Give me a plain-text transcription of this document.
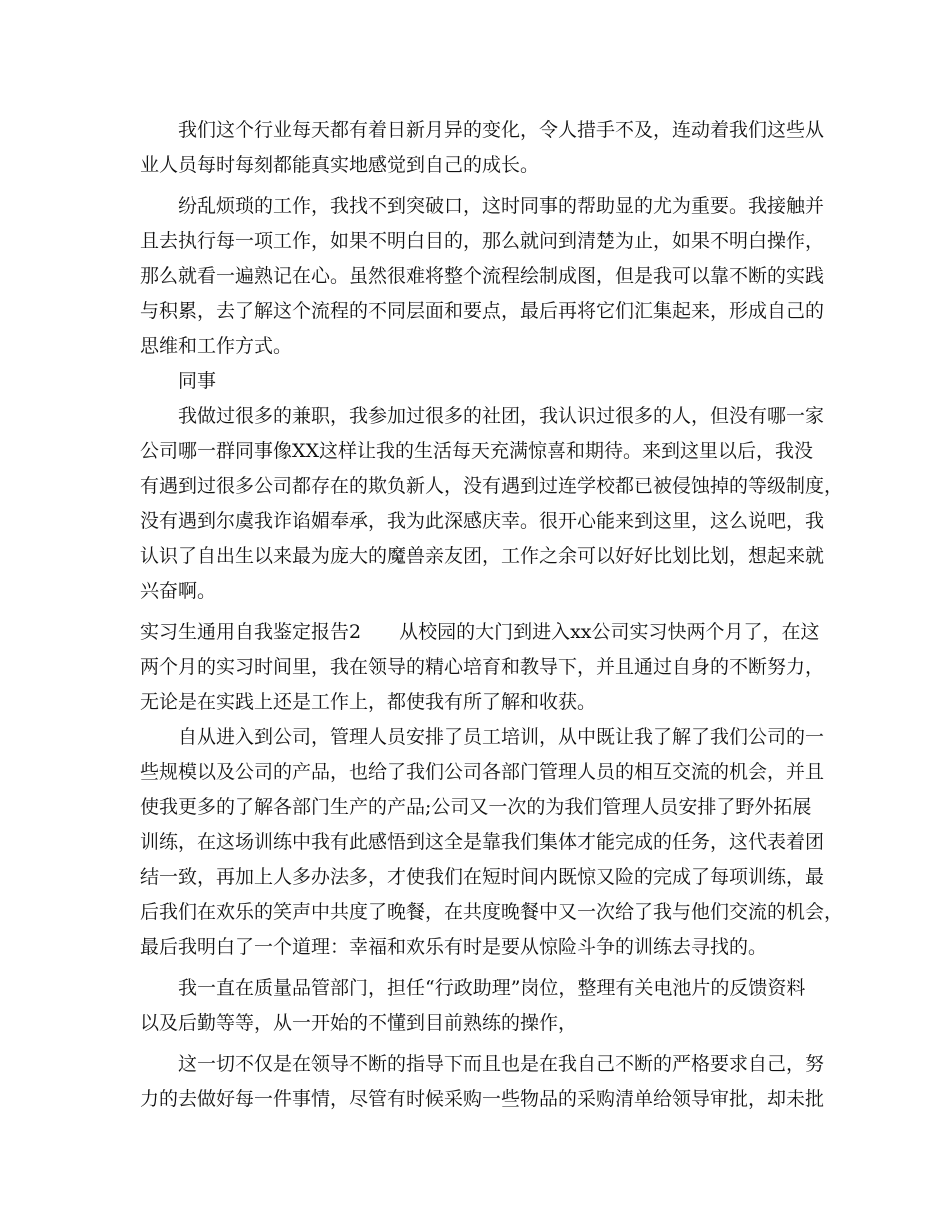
我们这个行业每天都有着日新月异的变化，令人措手不及，连动着我们这些从
业人员每时每刻都能真实地感觉到自己的成长。
纷乱烦琐的工作，我找不到突破口，这时同事的帮助显的尤为重要。我接触并
且去执行每一项工作，如果不明白目的，那么就问到清楚为止，如果不明白操作，
那么就看一遍熟记在心。虽然很难将整个流程绘制成图，但是我可以靠不断的实践
与积累，去了解这个流程的不同层面和要点，最后再将它们汇集起来，形成自己的
思维和工作方式。
同事
我做过很多的兼职，我参加过很多的社团，我认识过很多的人，但没有哪一家
公司哪一群同事像XX这样让我的生活每天充满惊喜和期待。来到这里以后，我没
有遇到过很多公司都存在的欺负新人，没有遇到过连学校都已被侵蚀掉的等级制度，
没有遇到尔虞我诈谄媚奉承，我为此深感庆幸。很开心能来到这里，这么说吧，我
认识了自出生以来最为庞大的魔兽亲友团，工作之余可以好好比划比划，想起来就
兴奋啊。
实习生通用自我鉴定报告2　　从校园的大门到进入xx公司实习快两个月了，在这
两个月的实习时间里，我在领导的精心培育和教导下，并且通过自身的不断努力，
无论是在实践上还是工作上，都使我有所了解和收获。
自从进入到公司，管理人员安排了员工培训，从中既让我了解了我们公司的一
些规模以及公司的产品，也给了我们公司各部门管理人员的相互交流的机会，并且
使我更多的了解各部门生产的产品;公司又一次的为我们管理人员安排了野外拓展
训练，在这场训练中我有此感悟到这全是靠我们集体才能完成的任务，这代表着团
结一致，再加上人多办法多，才使我们在短时间内既惊又险的完成了每项训练，最
后我们在欢乐的笑声中共度了晚餐，在共度晚餐中又一次给了我与他们交流的机会，
最后我明白了一个道理：幸福和欢乐有时是要从惊险斗争的训练去寻找的。
我一直在质量品管部门，担任“行政助理”岗位，整理有关电池片的反馈资料
以及后勤等等，从一开始的不懂到目前熟练的操作，
这一切不仅是在领导不断的指导下而且也是在我自己不断的严格要求自己，努
力的去做好每一件事情，尽管有时候采购一些物品的采购清单给领导审批，却未批
